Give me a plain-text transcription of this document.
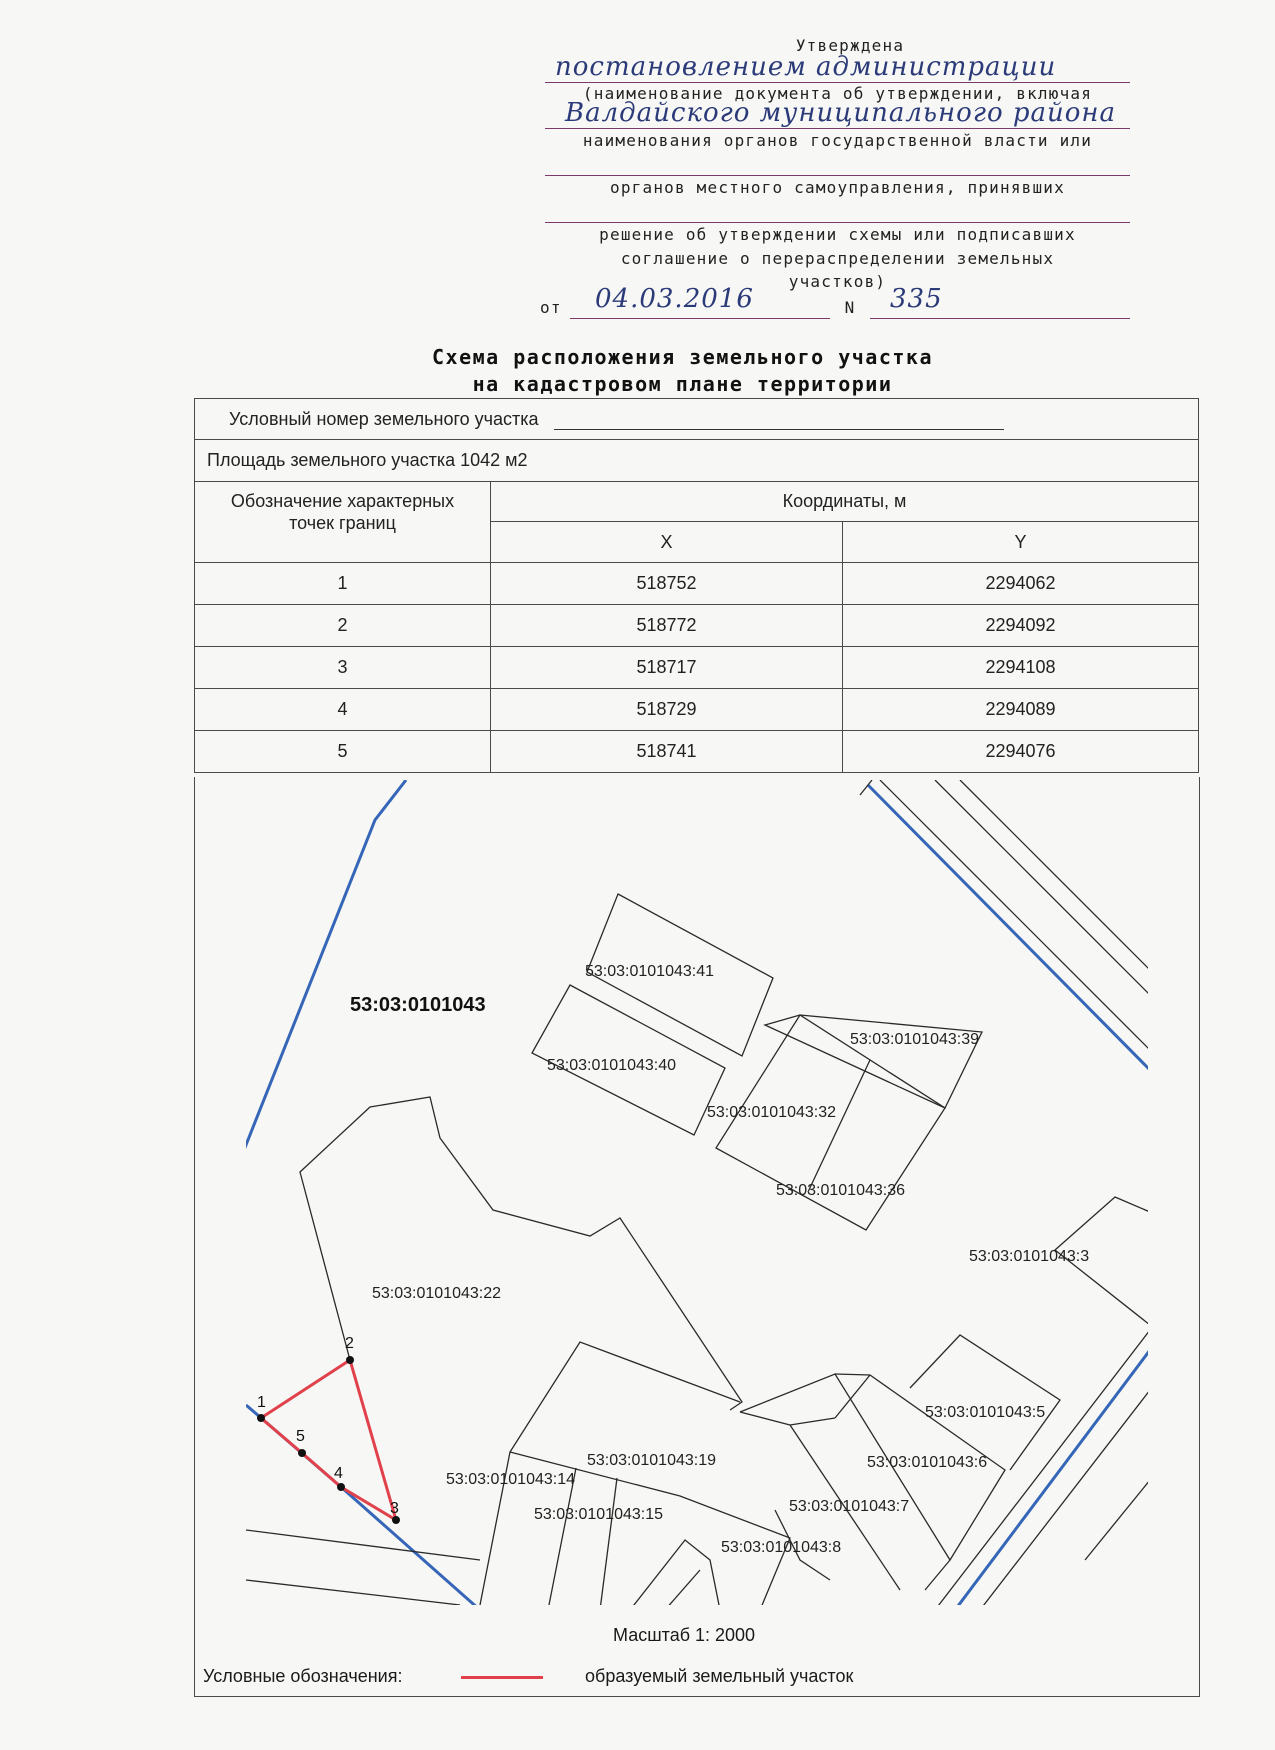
Утверждена
постановлением администрации
(наименование документа об утверждении, включая
Валдайского муниципального района
наименования органов государственной власти или
органов местного самоуправления, принявших
решение об утверждении схемы или подписавших
соглашение о перераспределении земельных
участков)
от	04.03.2016	N 335
Схема расположения земельного участка
на кадастровом плане территории
Условный номер земельного участка		
Площадь земельного участка 1042 м2		

Обозначение характерных
точек границ	Координаты, м	
	X	Y
1	518752	2294062
2	518772	2294092
3	518717	2294108
4	518729	2294089
5	518741	2294076
1
2
3
4
5
53:03:0101043
53:03:0101043:41
53:03:0101043:40
53:03:0101043:39
53:03:0101043:32
53:03:0101043:36
53:03:0101043:3
53:03:0101043:22
53:03:0101043:5
53:03:0101043:6
53:03:0101043:19
53:03:0101043:14
53:03:0101043:15	53:03:0101043:7
53:03:0101043:8
Масштаб 1: 2000
Условные обозначения:	образуемый земельный участок
